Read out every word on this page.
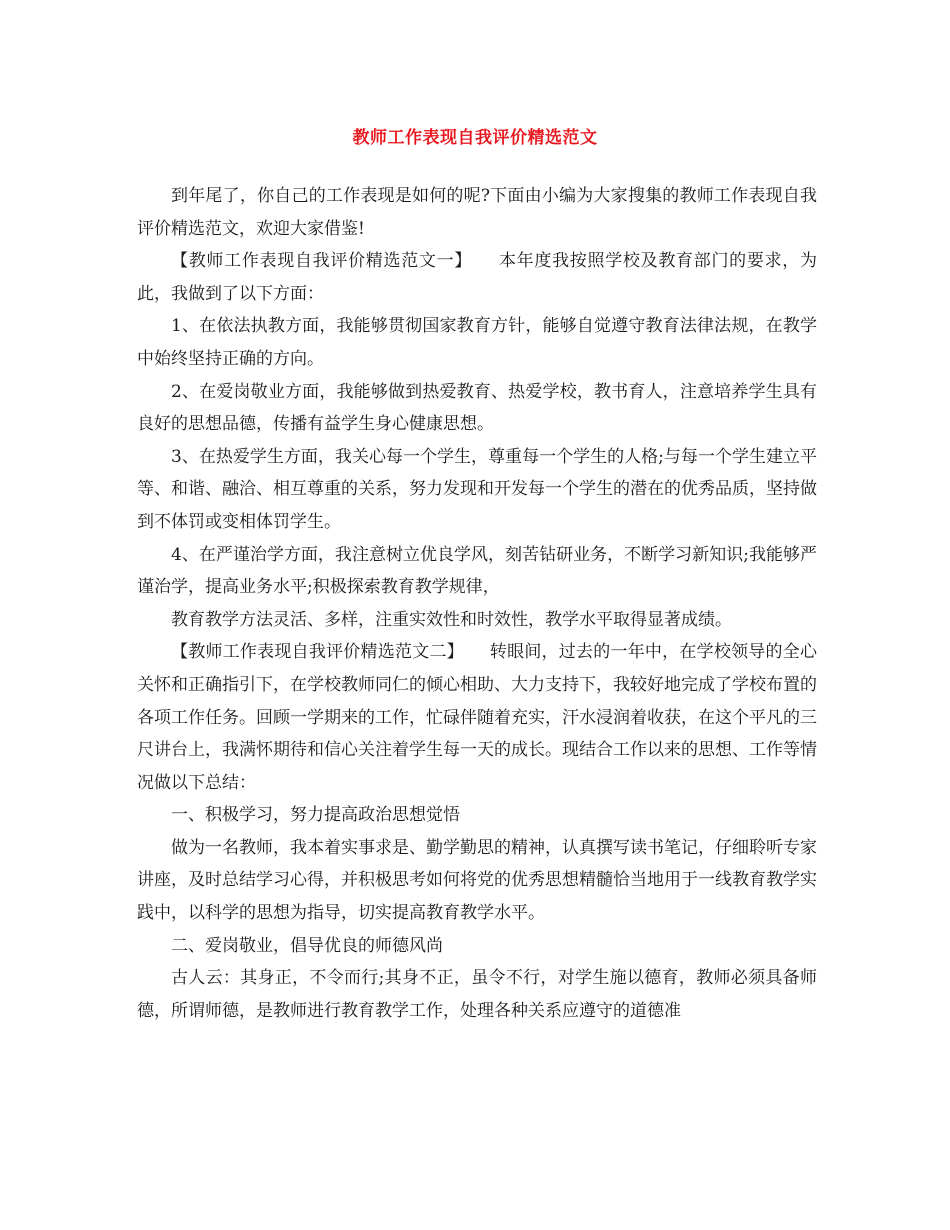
教师工作表现自我评价精选范文

到年尾了，你自己的工作表现是如何的呢?下面由小编为大家搜集的教师工作表现自我评价精选范文，欢迎大家借鉴!

【教师工作表现自我评价精选范文一】　　本年度我按照学校及教育部门的要求，为此，我做到了以下方面：

1、在依法执教方面，我能够贯彻国家教育方针，能够自觉遵守教育法律法规，在教学中始终坚持正确的方向。

2、在爱岗敬业方面，我能够做到热爱教育、热爱学校，教书育人，注意培养学生具有良好的思想品德，传播有益学生身心健康思想。

3、在热爱学生方面，我关心每一个学生，尊重每一个学生的人格;与每一个学生建立平等、和谐、融洽、相互尊重的关系，努力发现和开发每一个学生的潜在的优秀品质，坚持做到不体罚或变相体罚学生。

4、在严谨治学方面，我注意树立优良学风，刻苦钻研业务，不断学习新知识;我能够严谨治学，提高业务水平;积极探索教育教学规律，

教育教学方法灵活、多样，注重实效性和时效性，教学水平取得显著成绩。

【教师工作表现自我评价精选范文二】　　转眼间，过去的一年中，在学校领导的全心关怀和正确指引下，在学校教师同仁的倾心相助、大力支持下，我较好地完成了学校布置的各项工作任务。回顾一学期来的工作，忙碌伴随着充实，汗水浸润着收获，在这个平凡的三尺讲台上，我满怀期待和信心关注着学生每一天的成长。现结合工作以来的思想、工作等情况做以下总结：

一、积极学习，努力提高政治思想觉悟

做为一名教师，我本着实事求是、勤学勤思的精神，认真撰写读书笔记，仔细聆听专家讲座，及时总结学习心得，并积极思考如何将党的优秀思想精髓恰当地用于一线教育教学实践中，以科学的思想为指导，切实提高教育教学水平。

二、爱岗敬业，倡导优良的师德风尚

古人云：其身正，不令而行;其身不正，虽令不行，对学生施以德育，教师必须具备师德，所谓师德，是教师进行教育教学工作，处理各种关系应遵守的道德准
